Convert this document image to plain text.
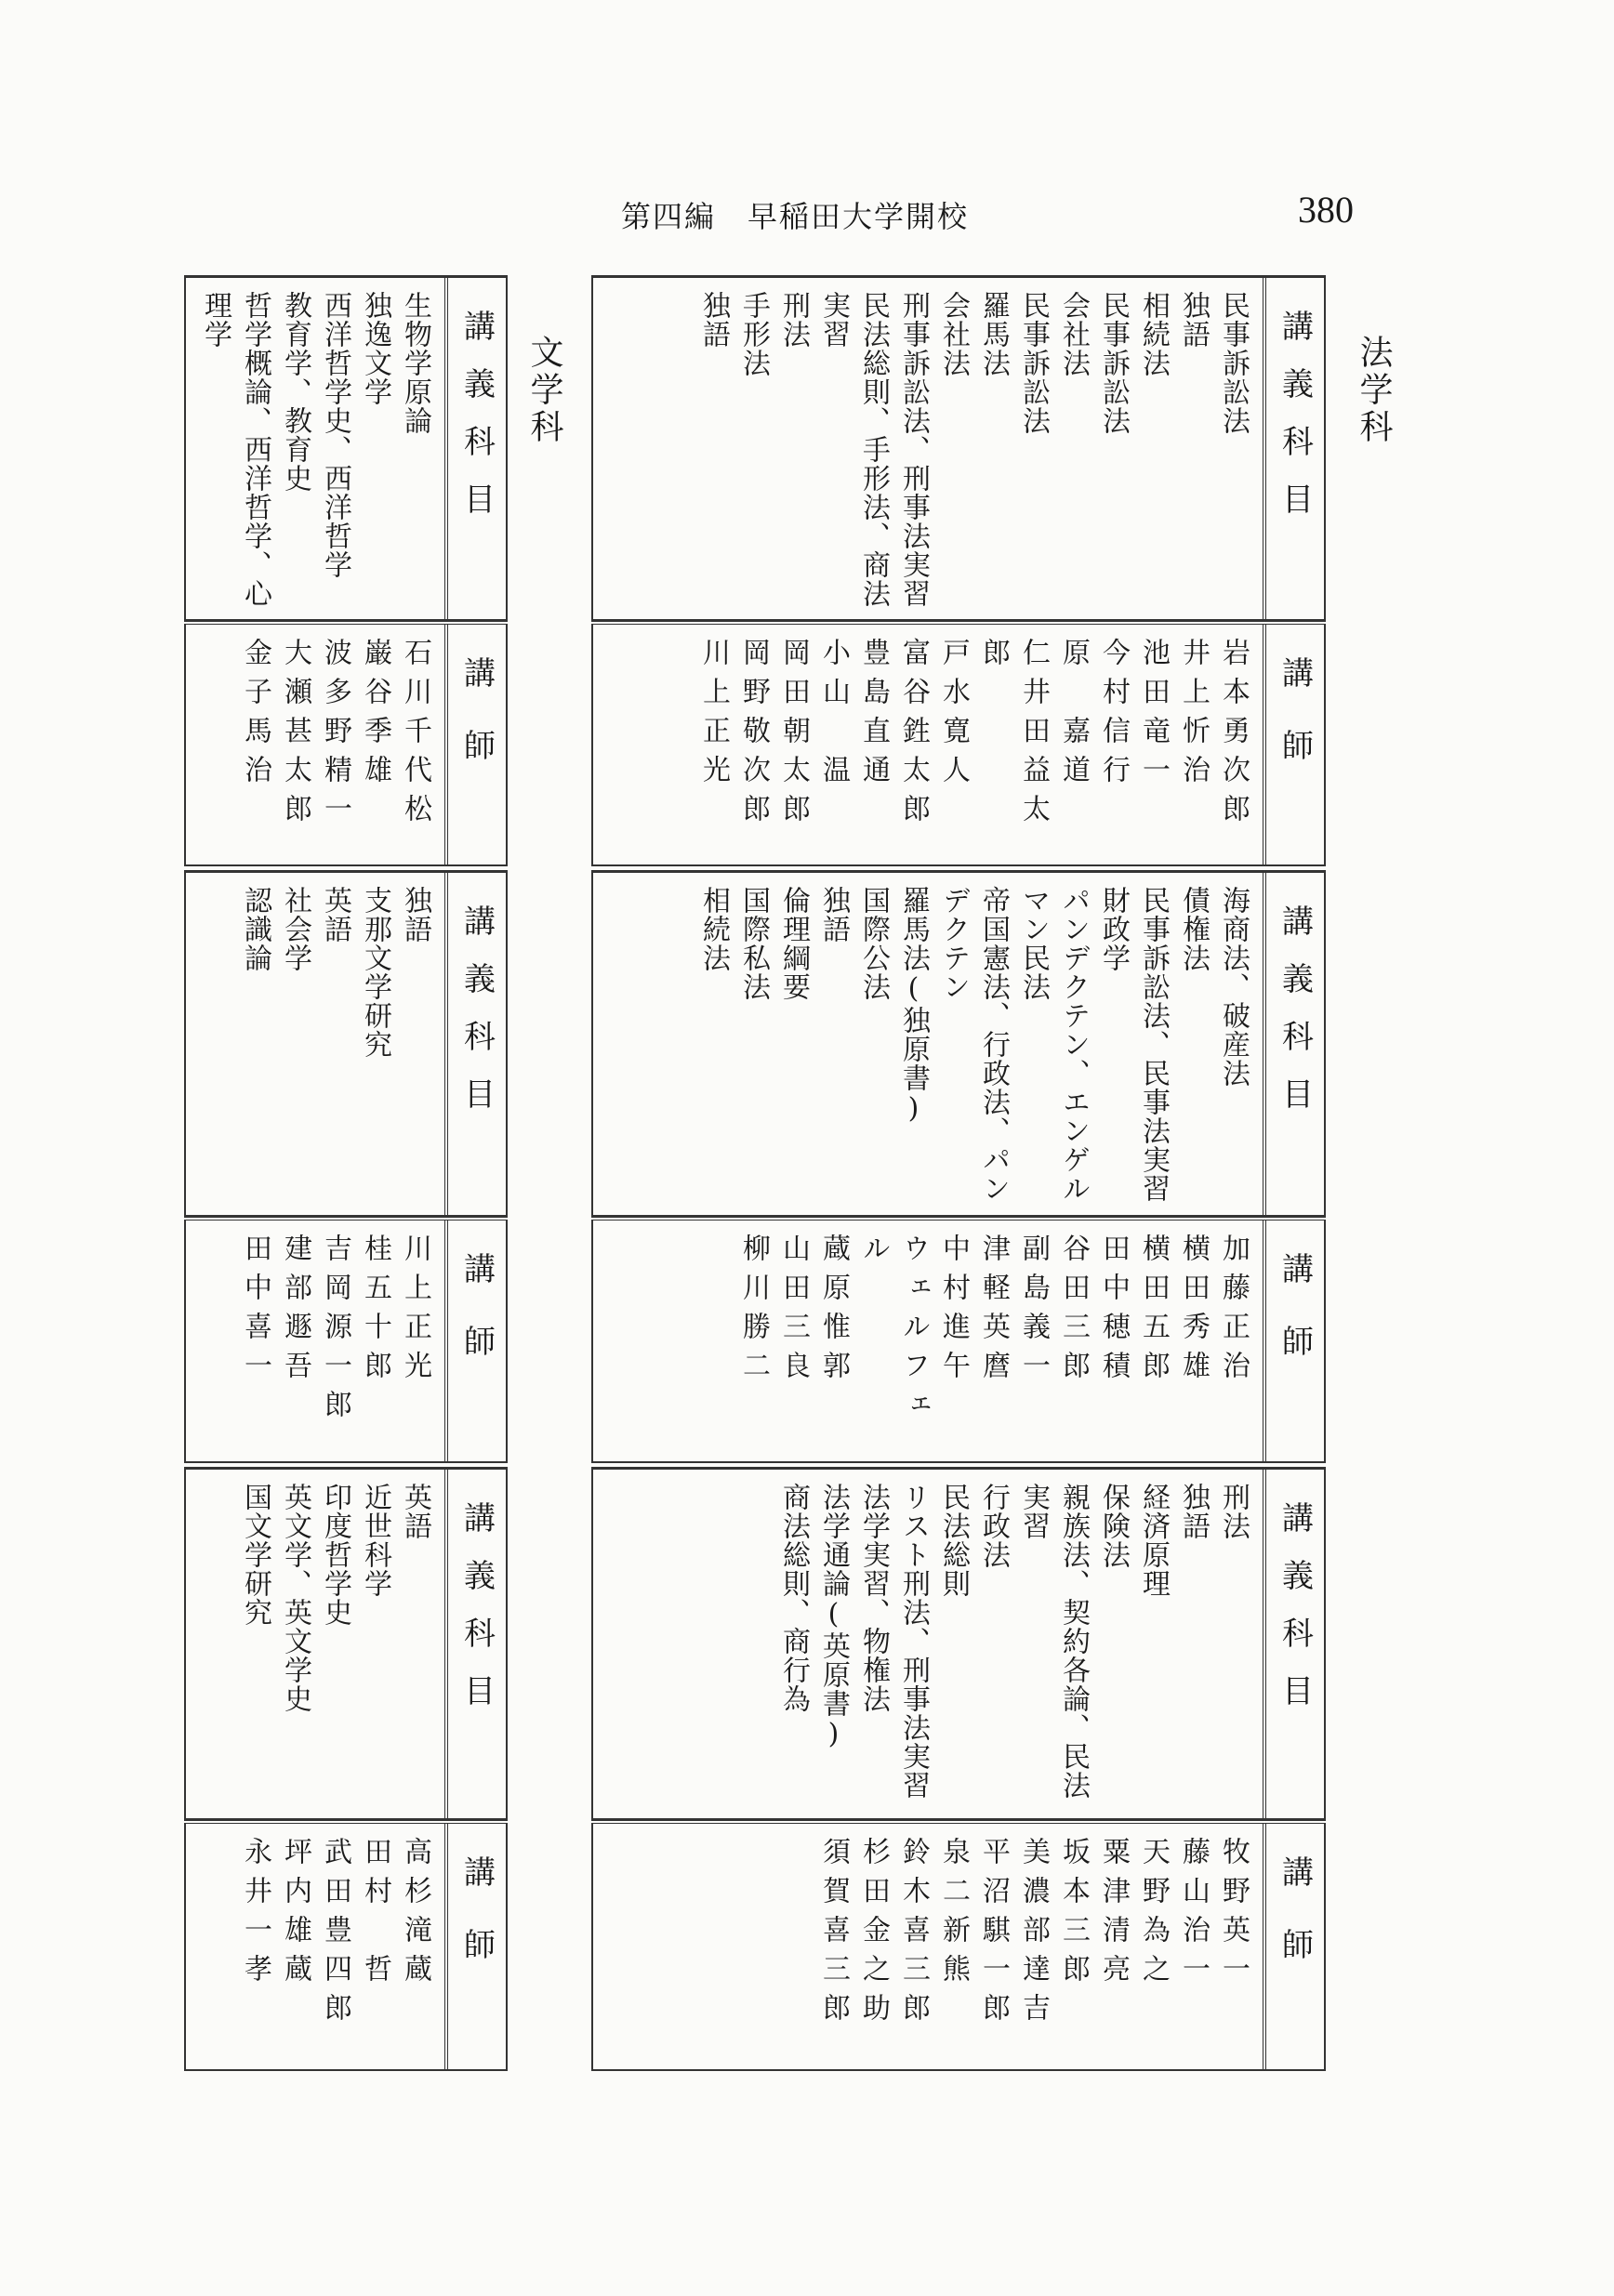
第四編　早稲田大学開校	380
法学科
文学科	講義科目
民事訴訟法
独語
相続法
民事訴訟法
会社法
民事訴訟法
羅馬法
会社法
刑事訴訟法、刑事法実習
民法総則、手形法、商法実習
刑法
手形法
独語
講師
岩本勇次郎
井上忻治
池田竜一
今村信行
原　嘉道
仁井田益太郎
戸水寛人
富谷鉎太郎
豊島直通
小山　温
岡田朝太郎
岡野敬次郎
川上正光
講義科目
海商法、破産法
債権法
民事訴訟法、民事法実習
財政学
パンデクテン、エンゲルマン民法
帝国憲法、行政法、パンデクテン
羅馬法(独原書)
国際公法
独語
倫理綱要
国際私法
相続法
講師
加藤正治
横田秀雄
横田五郎
田中穂積
谷田三郎
副島義一
津軽英麿
中村進午
ウェルフェル
蔵原惟郭
山田三良
柳川勝二
講義科目
刑法
独語
経済原理
保険法
親族法、契約各論、民法実習
行政法
民法総則
リスト刑法、刑事法実習
法学実習、物権法
法学通論(英原書)
商法総則、商行為
講師
牧野英一
藤山治一
天野為之
粟津清亮
坂本三郎
美濃部達吉
平沼騏一郎
泉二新熊
鈴木喜三郎
杉田金之助
須賀喜三郎
講義科目
生物学原論
独逸文学
西洋哲学史、西洋哲学
教育学、教育史
哲学概論、西洋哲学、心理学
講師
石川千代松
巌谷季雄
波多野精一
大瀬甚太郎
金子馬治
講義科目
独語
支那文学研究
英語
社会学
認識論
講師
川上正光
桂五十郎
吉岡源一郎
建部遯吾
田中喜一
講義科目
英語
近世科学
印度哲学史
英文学、英文学史
国文学研究
講師
高杉滝蔵
田村　哲
武田豊四郎
坪内雄蔵
永井一孝
